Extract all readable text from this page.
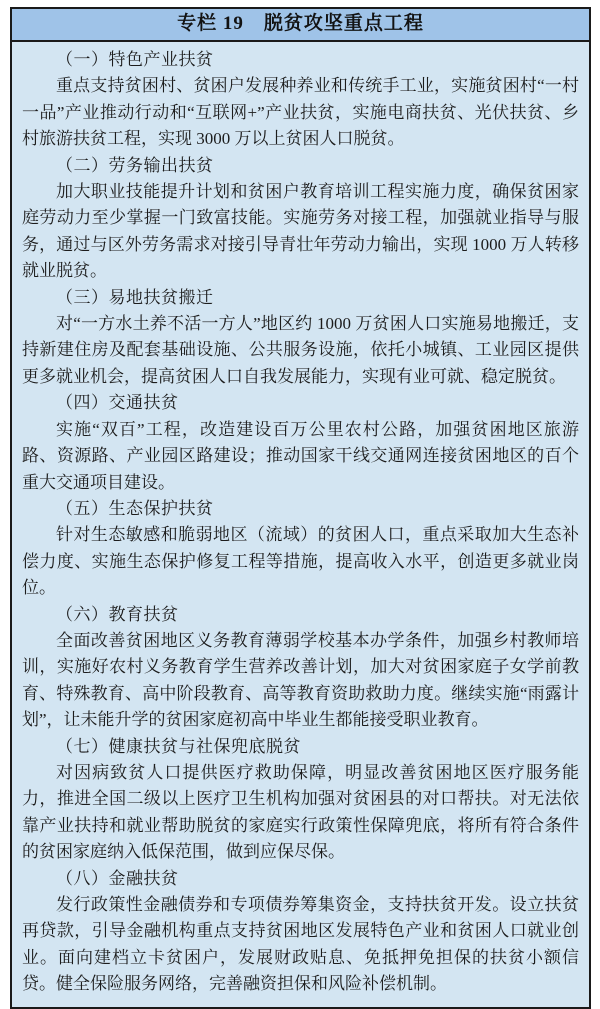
专栏 19　脱贫攻坚重点工程

（一）特色产业扶贫

重点支持贫困村、贫困户发展种养业和传统手工业，实施贫困村“一村一品”产业推动行动和“互联网+”产业扶贫，实施电商扶贫、光伏扶贫、乡村旅游扶贫工程，实现 3000 万以上贫困人口脱贫。

（二）劳务输出扶贫

加大职业技能提升计划和贫困户教育培训工程实施力度，确保贫困家庭劳动力至少掌握一门致富技能。实施劳务对接工程，加强就业指导与服务，通过与区外劳务需求对接引导青壮年劳动力输出，实现 1000 万人转移就业脱贫。

（三）易地扶贫搬迁

对“一方水土养不活一方人”地区约 1000 万贫困人口实施易地搬迁，支持新建住房及配套基础设施、公共服务设施，依托小城镇、工业园区提供更多就业机会，提高贫困人口自我发展能力，实现有业可就、稳定脱贫。

（四）交通扶贫

实施“双百”工程，改造建设百万公里农村公路，加强贫困地区旅游路、资源路、产业园区路建设；推动国家干线交通网连接贫困地区的百个重大交通项目建设。

（五）生态保护扶贫

针对生态敏感和脆弱地区（流域）的贫困人口，重点采取加大生态补偿力度、实施生态保护修复工程等措施，提高收入水平，创造更多就业岗位。

（六）教育扶贫

全面改善贫困地区义务教育薄弱学校基本办学条件，加强乡村教师培训，实施好农村义务教育学生营养改善计划，加大对贫困家庭子女学前教育、特殊教育、高中阶段教育、高等教育资助救助力度。继续实施“雨露计划”，让未能升学的贫困家庭初高中毕业生都能接受职业教育。

（七）健康扶贫与社保兜底脱贫

对因病致贫人口提供医疗救助保障，明显改善贫困地区医疗服务能力，推进全国二级以上医疗卫生机构加强对贫困县的对口帮扶。对无法依靠产业扶持和就业帮助脱贫的家庭实行政策性保障兜底，将所有符合条件的贫困家庭纳入低保范围，做到应保尽保。

（八）金融扶贫

发行政策性金融债券和专项债券筹集资金，支持扶贫开发。设立扶贫再贷款，引导金融机构重点支持贫困地区发展特色产业和贫困人口就业创业。面向建档立卡贫困户，发展财政贴息、免抵押免担保的扶贫小额信贷。健全保险服务网络，完善融资担保和风险补偿机制。
